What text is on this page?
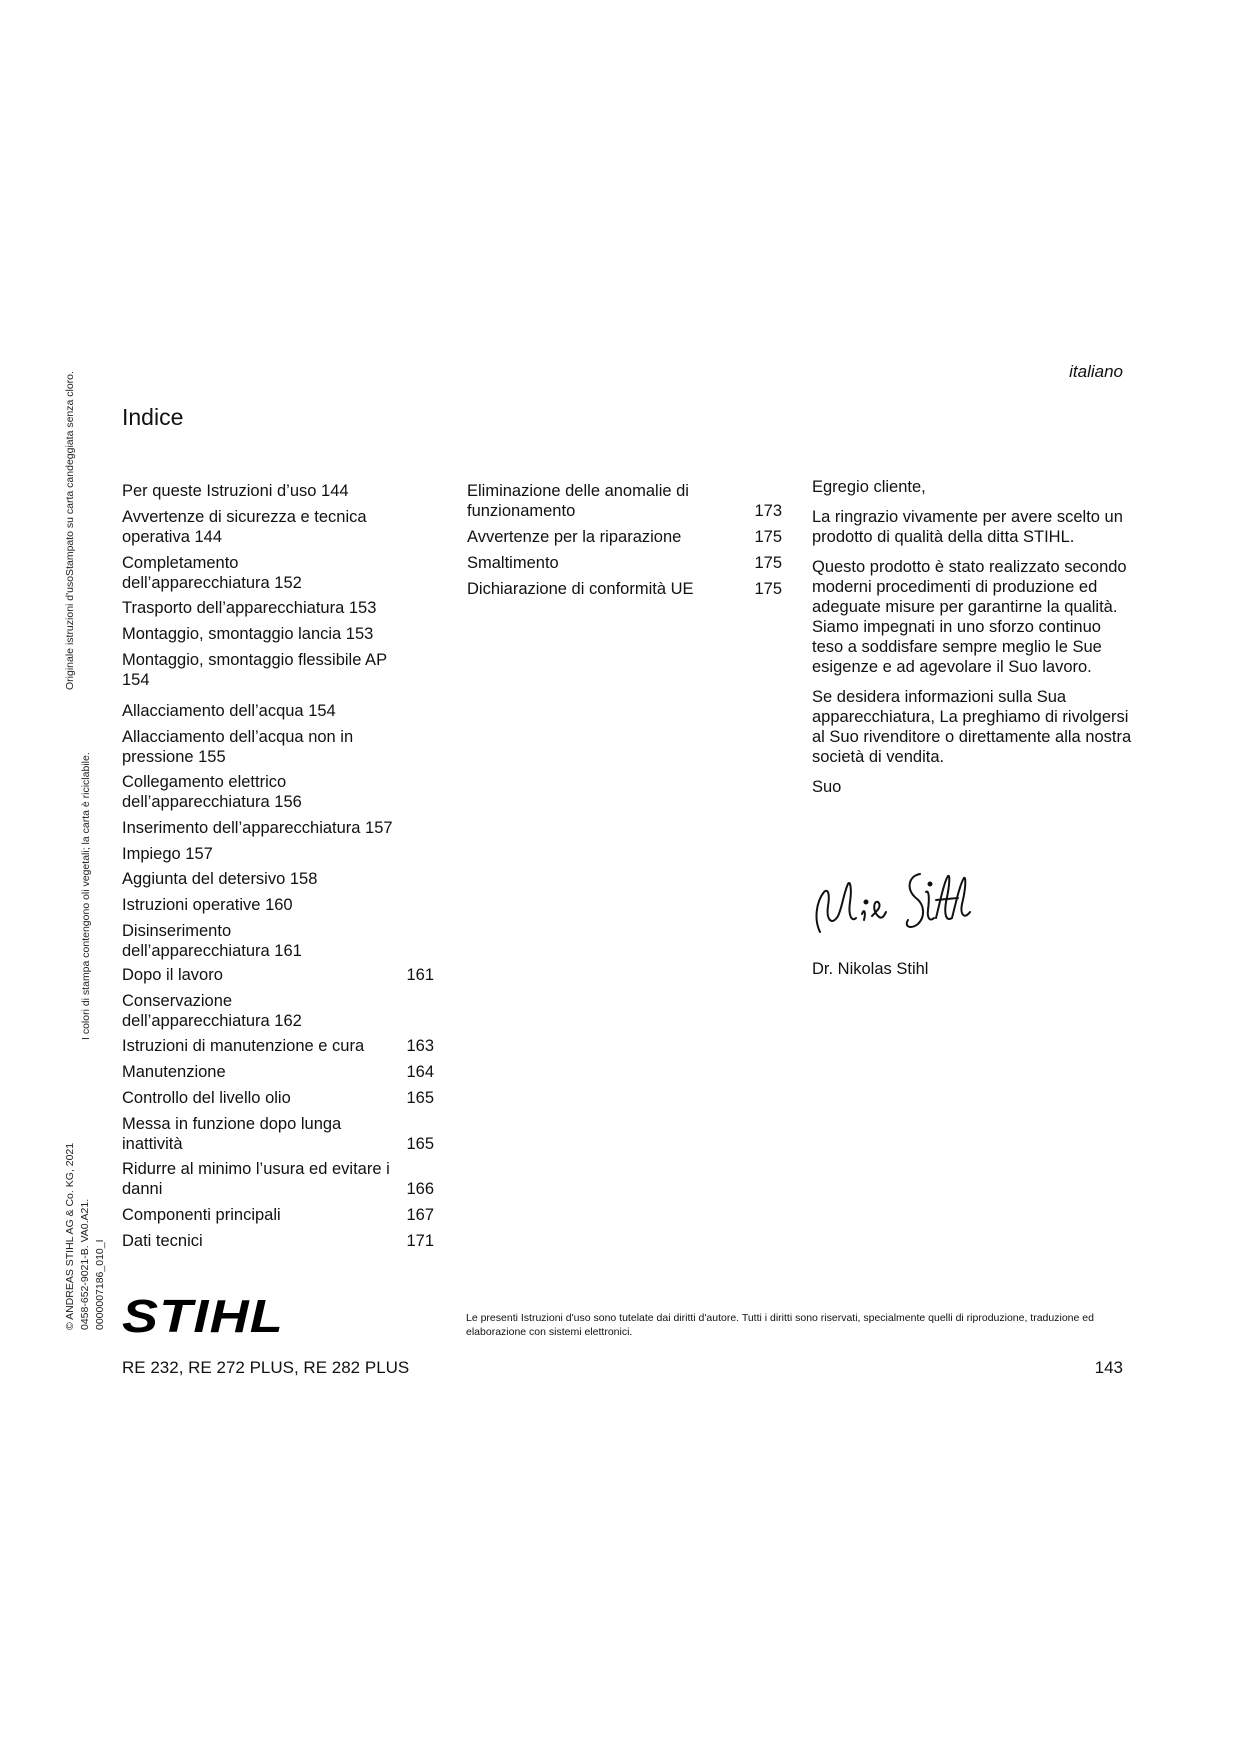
Originale istruzioni d'usoStampato su carta candeggiata senza cloro.
I colori di stampa contengono oli vegetali; la carta è riciclabile.
© ANDREAS STIHL AG & Co. KG, 2021 0458-652-9021-B. VA0.A21. 0000007186_010_I
italiano
Indice
Per queste Istruzioni d’uso 144
Avvertenze di sicurezza e tecnica operativa 144
Completamento dell’apparecchiatura 152
Trasporto dell’apparecchiatura 153
Montaggio, smontaggio lancia 153
Montaggio, smontaggio flessibile AP 154
Allacciamento dell’acqua 154
Allacciamento dell’acqua non in pressione 155
Collegamento elettrico dell’apparecchiatura 156
Inserimento dell’apparecchiatura 157
Impiego 157
Aggiunta del detersivo 158
Istruzioni operative 160
Disinserimento dell’apparecchiatura 161
Dopo il lavoro	161
Conservazione dell’apparecchiatura 162
Istruzioni di manutenzione e cura	163
Manutenzione	164
Controllo del livello olio	165
Messa in funzione dopo lunga inattività	165
Ridurre al minimo l’usura ed evitare i danni	166
Componenti principali	167
Dati tecnici	171
Eliminazione delle anomalie di funzionamento	173
Avvertenze per la riparazione	175
Smaltimento	175
Dichiarazione di conformità UE	175

Egregio cliente,

La ringrazio vivamente per avere scelto un prodotto di qualità della ditta STIHL.

Questo prodotto è stato realizzato secondo moderni procedimenti di produzione ed adeguate misure per garantirne la qualità. Siamo impegnati in uno sforzo continuo teso a soddisfare sempre meglio le Sue esigenze e ad agevolare il Suo lavoro.

Se desidera informazioni sulla Sua apparecchiatura, La preghiamo di rivolgersi al Suo rivenditore o direttamente alla nostra società di vendita.

Suo

Dr. Nikolas Stihl
STIHL	Le presenti Istruzioni d'uso sono tutelate dai diritti d'autore. Tutti i diritti sono riservati, specialmente quelli di riproduzione, traduzione ed elaborazione con sistemi elettronici.
RE 232, RE 272 PLUS, RE 282 PLUS	143
